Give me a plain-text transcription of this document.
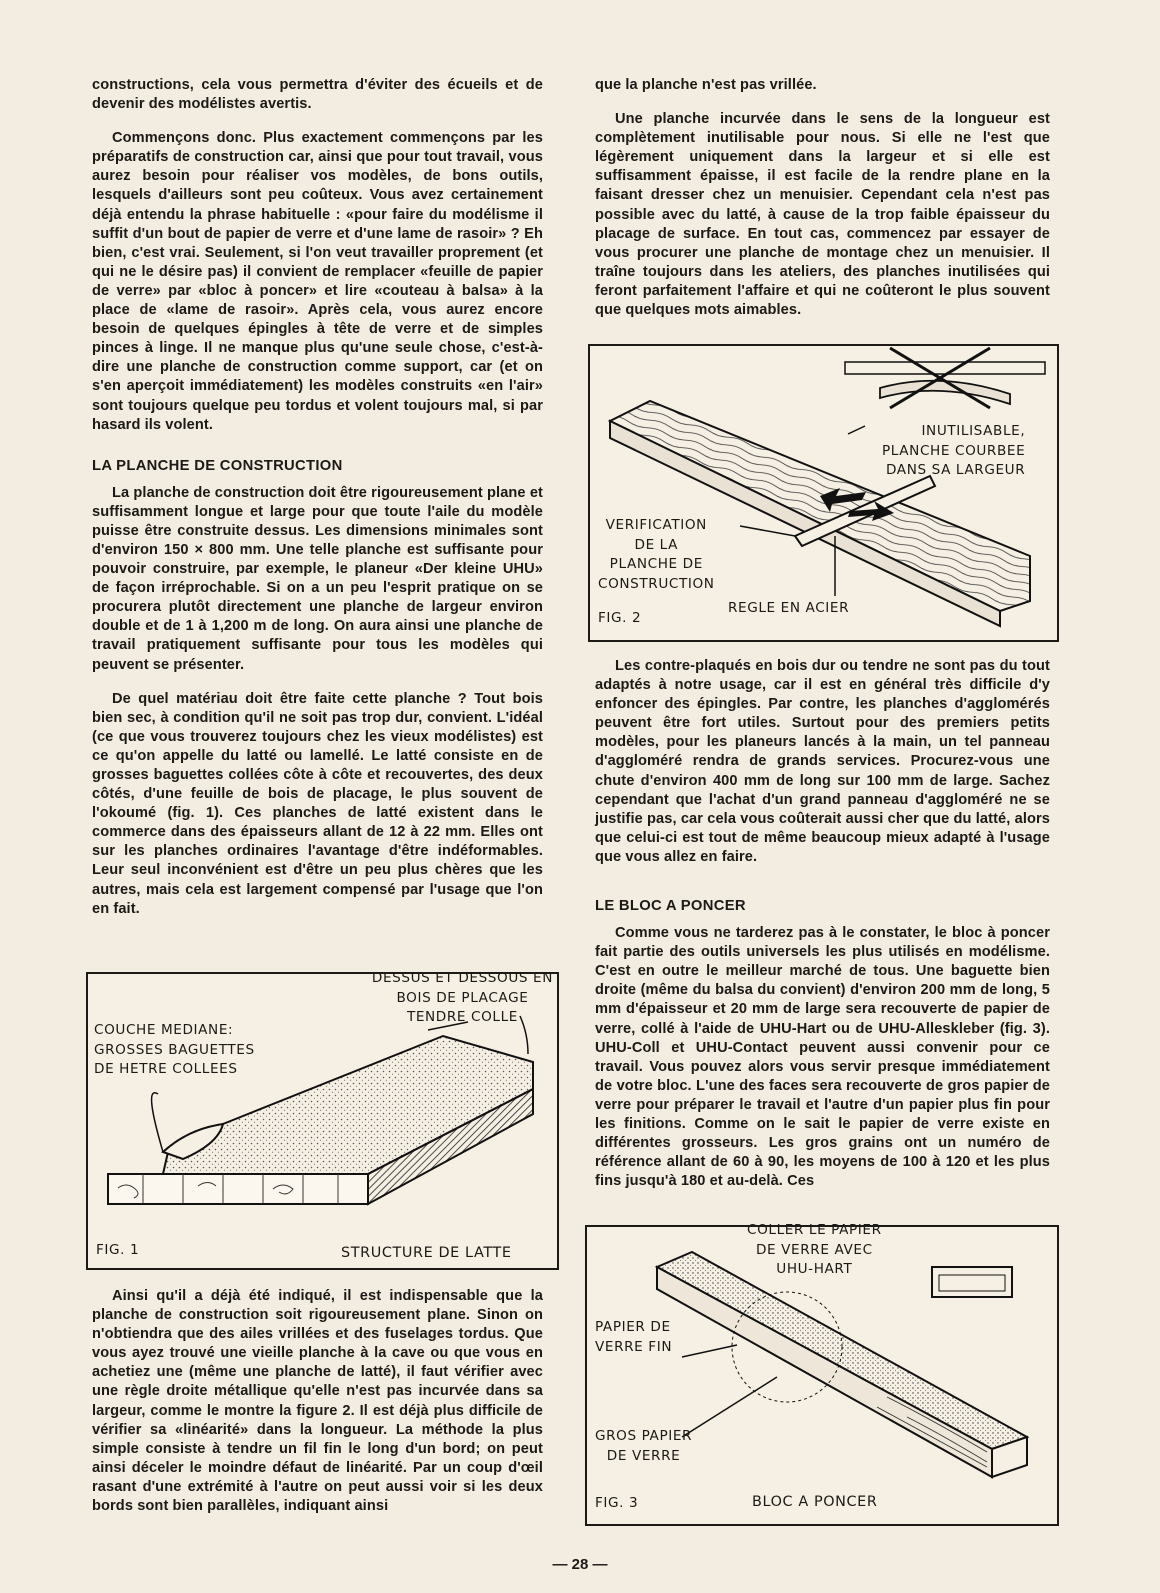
constructions, cela vous permettra d'éviter des écueils et de devenir des modélistes avertis.

Commençons donc. Plus exactement commençons par les préparatifs de construction car, ainsi que pour tout travail, vous aurez besoin pour réaliser vos modèles, de bons outils, lesquels d'ailleurs sont peu coûteux. Vous avez certainement déjà entendu la phrase habituelle : «pour faire du modélisme il suffit d'un bout de papier de verre et d'une lame de rasoir» ? Eh bien, c'est vrai. Seulement, si l'on veut travailler proprement (et qui ne le désire pas) il convient de remplacer «feuille de papier de verre» par «bloc à poncer» et lire «couteau à balsa» à la place de «lame de rasoir». Après cela, vous aurez encore besoin de quelques épingles à tête de verre et de simples pinces à linge. Il ne manque plus qu'une seule chose, c'est-à-dire une planche de construction comme support, car (et on s'en aperçoit immédiatement) les modèles construits «en l'air» sont toujours quelque peu tordus et volent toujours mal, si par hasard ils volent.

LA PLANCHE DE CONSTRUCTION

La planche de construction doit être rigoureusement plane et suffisamment longue et large pour que toute l'aile du modèle puisse être construite dessus. Les dimensions minimales sont d'environ 150 × 800 mm. Une telle planche est suffisante pour pouvoir construire, par exemple, le planeur «Der kleine UHU» de façon irréprochable. Si on a un peu l'esprit pratique on se procurera plutôt directement une planche de largeur environ double et de 1 à 1,200 m de long. On aura ainsi une planche de travail pratiquement suffisante pour tous les modèles qui peuvent se présenter.

De quel matériau doit être faite cette planche ? Tout bois bien sec, à condition qu'il ne soit pas trop dur, convient. L'idéal (ce que vous trouverez toujours chez les vieux modélistes) est ce qu'on appelle du latté ou lamellé. Le latté consiste en de grosses baguettes collées côte à côte et recouvertes, des deux côtés, d'une feuille de bois de placage, le plus souvent de l'okoumé (fig. 1). Ces planches de latté existent dans le commerce dans des épaisseurs allant de 12 à 22 mm. Elles ont sur les planches ordinaires l'avantage d'être indéformables. Leur seul inconvénient est d'être un peu plus chères que les autres, mais cela est largement compensé par l'usage que l'on en fait.

DESSUS ET DESSOUS EN
BOIS DE PLACAGE
TENDRE COLLE
COUCHE MEDIANE:
GROSSES BAGUETTES
DE HETRE COLLEES
FIG. 1	STRUCTURE DE LATTE

Ainsi qu'il a déjà été indiqué, il est indispensable que la planche de construction soit rigoureusement plane. Sinon on n'obtiendra que des ailes vrillées et des fuselages tordus. Que vous ayez trouvé une vieille planche à la cave ou que vous en achetiez une (même une planche de latté), il faut vérifier avec une règle droite métallique qu'elle n'est pas incurvée dans sa largeur, comme le montre la figure 2. Il est déjà plus difficile de vérifier sa «linéarité» dans la longueur. La méthode la plus simple consiste à tendre un fil fin le long d'un bord; on peut ainsi déceler le moindre défaut de linéarité. Par un coup d'œil rasant d'une extrémité à l'autre on peut aussi voir si les deux bords sont bien parallèles, indiquant ainsi

que la planche n'est pas vrillée.

Une planche incurvée dans le sens de la longueur est complètement inutilisable pour nous. Si elle ne l'est que légèrement uniquement dans la largeur et si elle est suffisamment épaisse, il est facile de la rendre plane en la faisant dresser chez un menuisier. Cependant cela n'est pas possible avec du latté, à cause de la trop faible épaisseur du placage de surface. En tout cas, commencez par essayer de vous procurer une planche de montage chez un menuisier. Il traîne toujours dans les ateliers, des planches inutilisées qui feront parfaitement l'affaire et qui ne coûteront le plus souvent que quelques mots aimables.

INUTILISABLE,
PLANCHE COURBEE
DANS SA LARGEUR
VERIFICATION
DE LA
PLANCHE DE
CONSTRUCTION
REGLE EN ACIER
FIG. 2

Les contre-plaqués en bois dur ou tendre ne sont pas du tout adaptés à notre usage, car il est en général très difficile d'y enfoncer des épingles. Par contre, les planches d'agglomérés peuvent être fort utiles. Surtout pour des premiers petits modèles, pour les planeurs lancés à la main, un tel panneau d'aggloméré rendra de grands services. Procurez-vous une chute d'environ 400 mm de long sur 100 mm de large. Sachez cependant que l'achat d'un grand panneau d'aggloméré ne se justifie pas, car cela vous coûterait aussi cher que du latté, alors que celui-ci est tout de même beaucoup mieux adapté à l'usage que vous allez en faire.

LE BLOC A PONCER

Comme vous ne tarderez pas à le constater, le bloc à poncer fait partie des outils universels les plus utilisés en modélisme. C'est en outre le meilleur marché de tous. Une baguette bien droite (même du balsa du convient) d'environ 200 mm de long, 5 mm d'épaisseur et 20 mm de large sera recouverte de papier de verre, collé à l'aide de UHU-Hart ou de UHU-Alleskleber (fig. 3). UHU-Coll et UHU-Contact peuvent aussi convenir pour ce travail. Vous pouvez alors vous servir presque immédiatement de votre bloc. L'une des faces sera recouverte de gros papier de verre pour préparer le travail et l'autre d'un papier plus fin pour les finitions. Comme on le sait le papier de verre existe en différentes grosseurs. Les gros grains ont un numéro de référence allant de 60 à 90, les moyens de 100 à 120 et les plus fins jusqu'à 180 et au-delà. Ces

COLLER LE PAPIER
DE VERRE AVEC
UHU-HART
PAPIER DE
VERRE FIN
GROS PAPIER
DE VERRE
FIG. 3	BLOC A PONCER
— 28 —
